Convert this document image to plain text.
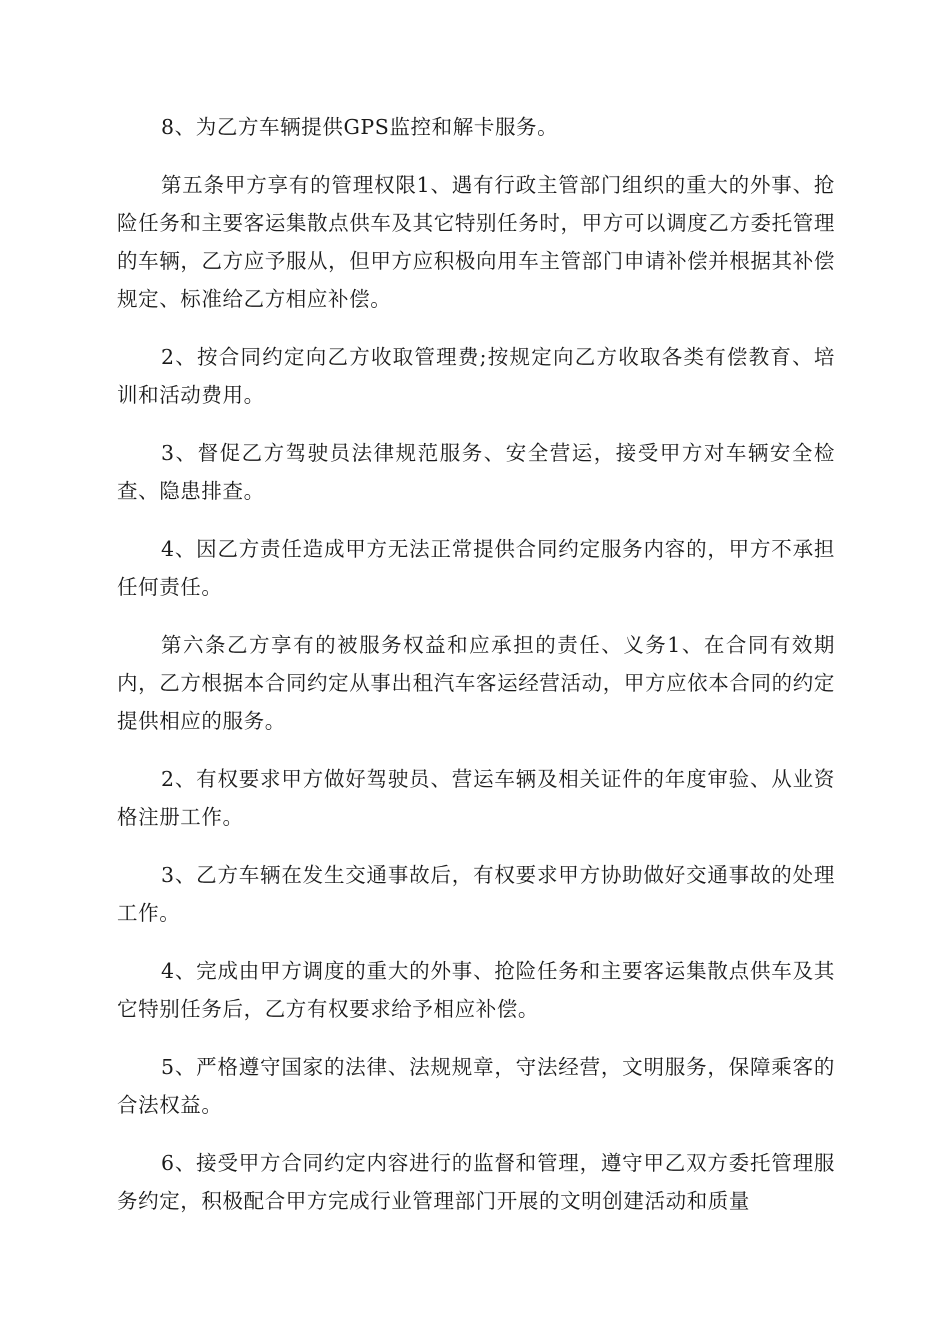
8、为乙方车辆提供GPS监控和解卡服务。

第五条甲方享有的管理权限1、遇有行政主管部门组织的重大的外事、抢险任务和主要客运集散点供车及其它特别任务时，甲方可以调度乙方委托管理的车辆，乙方应予服从，但甲方应积极向用车主管部门申请补偿并根据其补偿规定、标准给乙方相应补偿。

2、按合同约定向乙方收取管理费;按规定向乙方收取各类有偿教育、培训和活动费用。

3、督促乙方驾驶员法律规范服务、安全营运，接受甲方对车辆安全检查、隐患排查。

4、因乙方责任造成甲方无法正常提供合同约定服务内容的，甲方不承担任何责任。

第六条乙方享有的被服务权益和应承担的责任、义务1、在合同有效期内，乙方根据本合同约定从事出租汽车客运经营活动，甲方应依本合同的约定提供相应的服务。

2、有权要求甲方做好驾驶员、营运车辆及相关证件的年度审验、从业资格注册工作。

3、乙方车辆在发生交通事故后，有权要求甲方协助做好交通事故的处理工作。

4、完成由甲方调度的重大的外事、抢险任务和主要客运集散点供车及其它特别任务后，乙方有权要求给予相应补偿。

5、严格遵守国家的法律、法规规章，守法经营，文明服务，保障乘客的合法权益。

6、接受甲方合同约定内容进行的监督和管理，遵守甲乙双方委托管理服务约定，积极配合甲方完成行业管理部门开展的文明创建活动和质量
